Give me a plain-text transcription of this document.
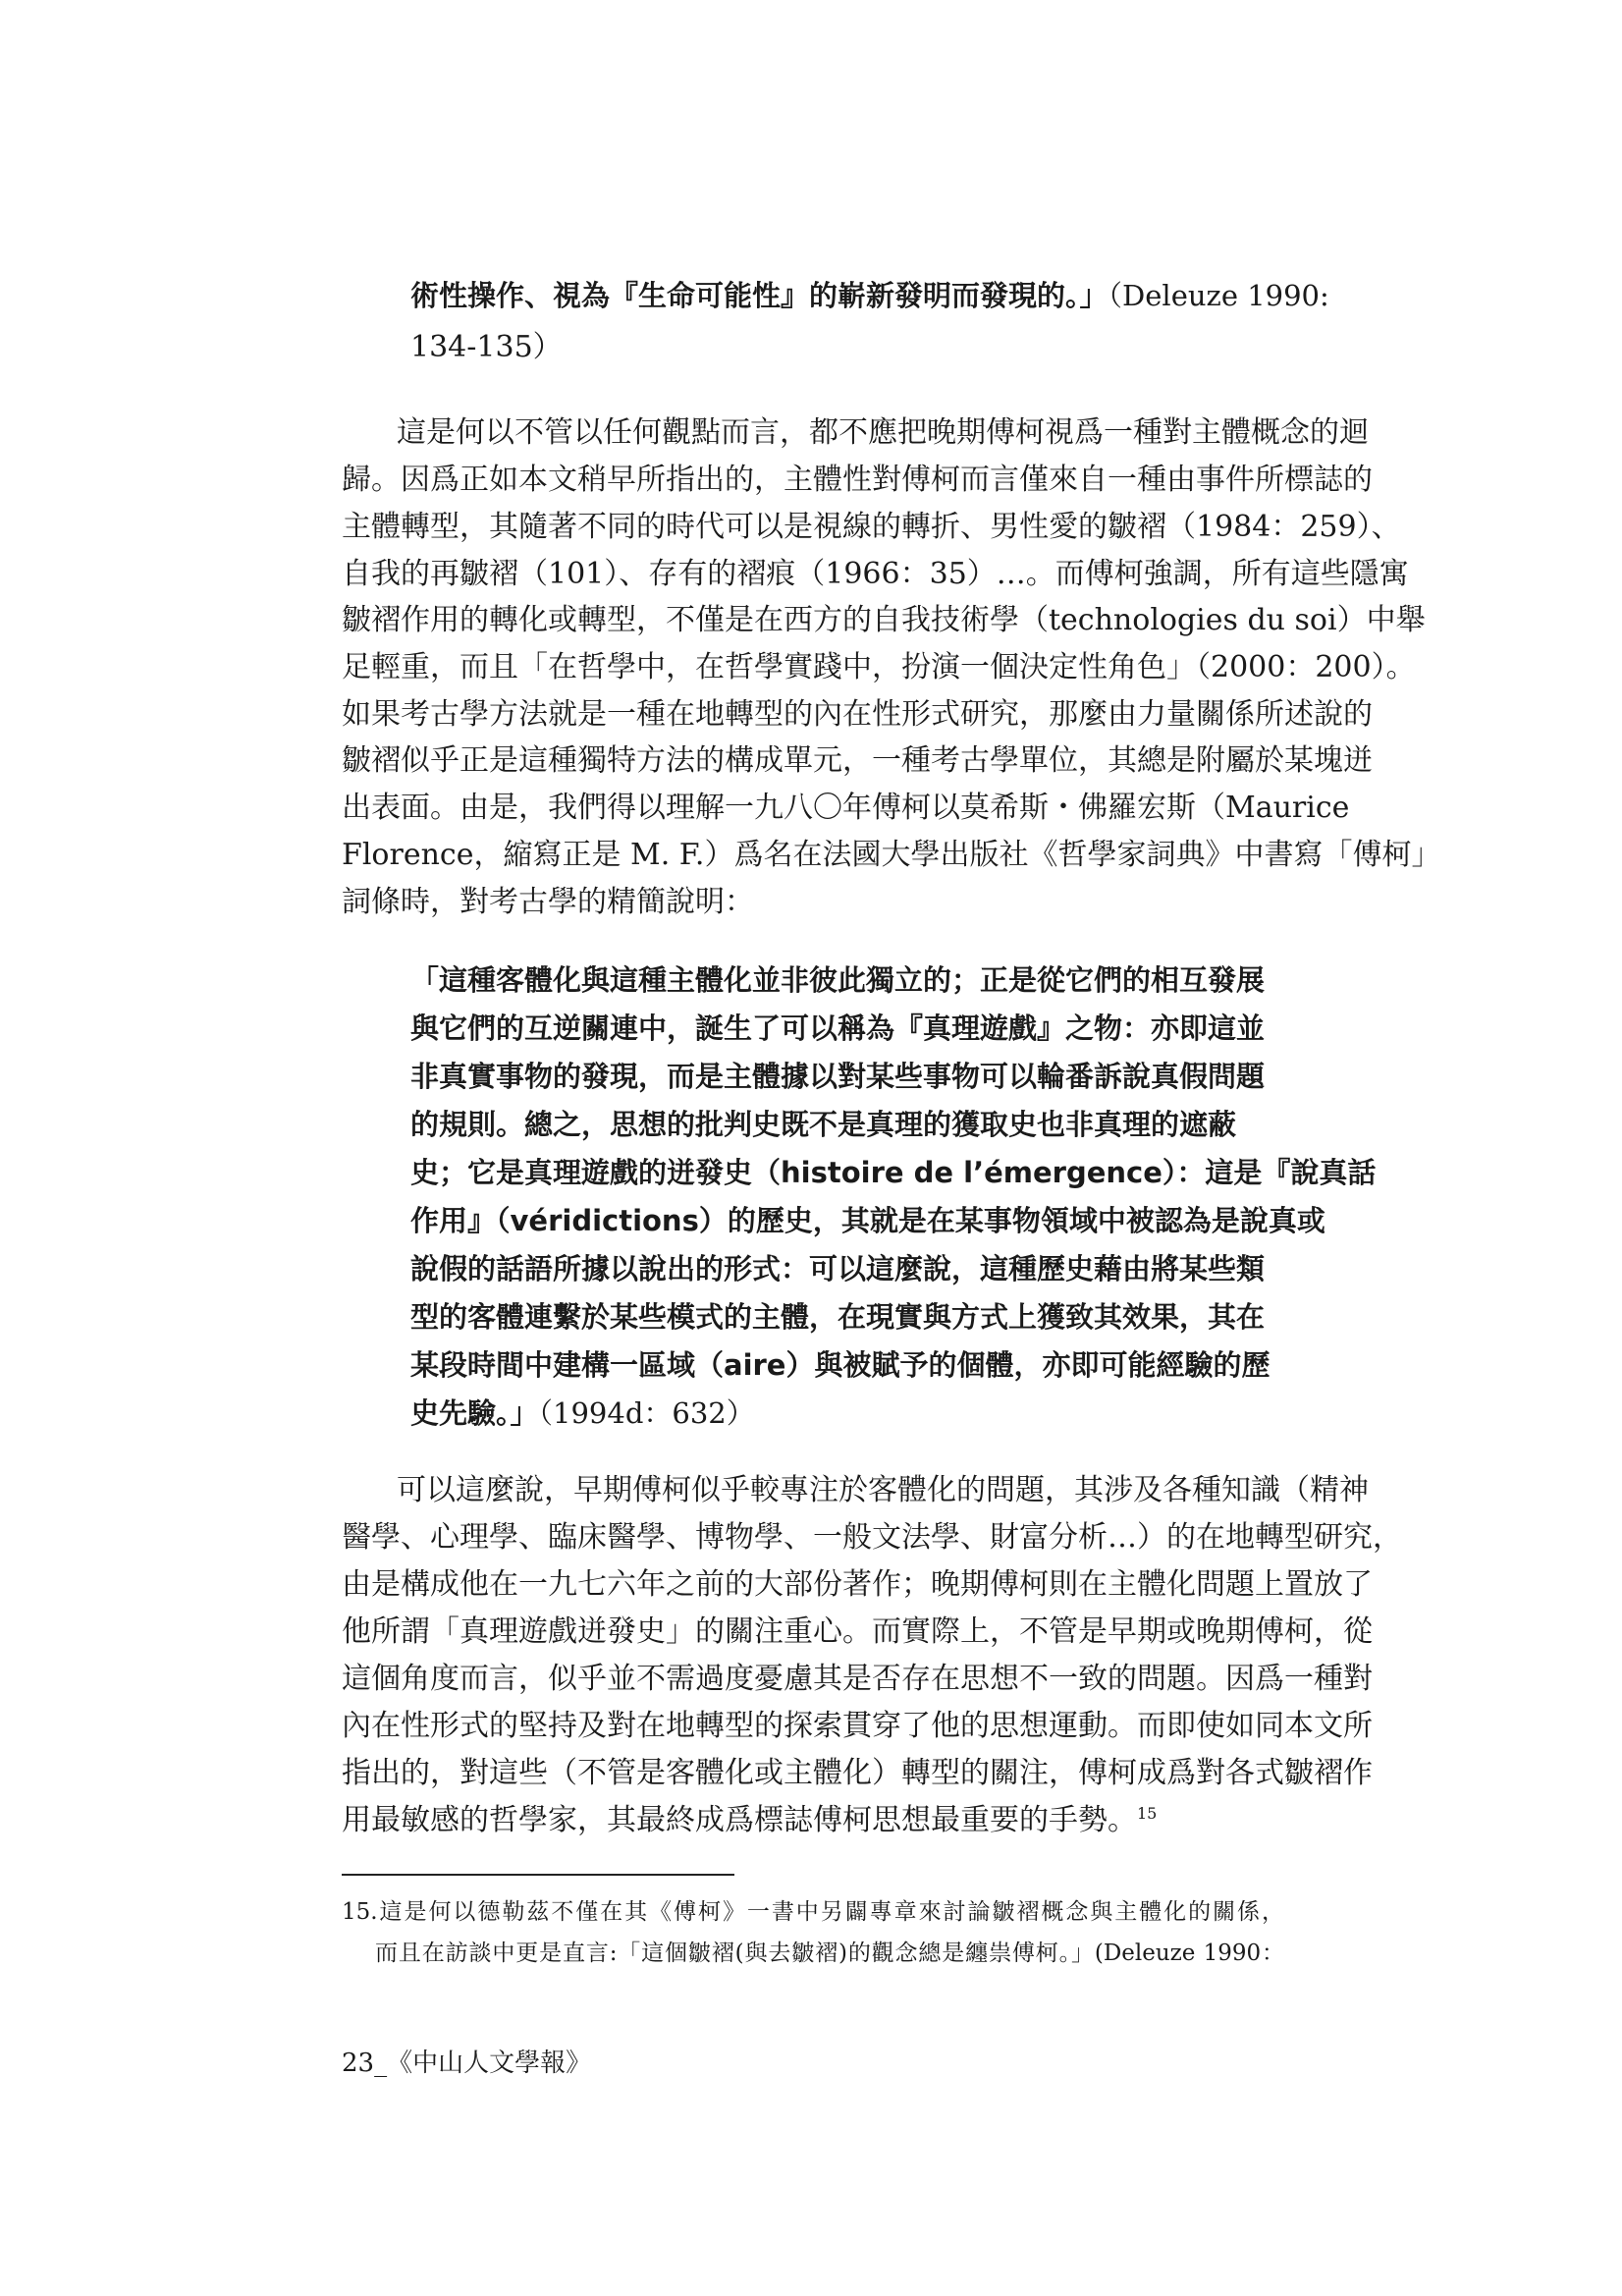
術性操作、視為『生命可能性』的嶄新發明而發現的。」（Deleuze 1990:

134-135）

這是何以不管以任何觀點而言，都不應把晚期傅柯視爲一種對主體概念的迴

歸。因爲正如本文稍早所指出的，主體性對傅柯而言僅來自一種由事件所標誌的

主體轉型，其隨著不同的時代可以是視線的轉折、男性愛的皺褶（1984：259）、

自我的再皺褶（101）、存有的褶痕（1966：35）…。而傅柯強調，所有這些隱寓

皺褶作用的轉化或轉型，不僅是在西方的自我技術學（technologies du soi）中舉

足輕重，而且「在哲學中，在哲學實踐中，扮演一個決定性角色」（2000：200）。

如果考古學方法就是一種在地轉型的內在性形式研究，那麼由力量關係所述說的

皺褶似乎正是這種獨特方法的構成單元，一種考古學單位，其總是附屬於某塊迸

出表面。由是，我們得以理解一九八〇年傅柯以莫希斯・佛羅宏斯（Maurice

Florence，縮寫正是 M. F.）爲名在法國大學出版社《哲學家詞典》中書寫「傅柯」

詞條時，對考古學的精簡說明：

「這種客體化與這種主體化並非彼此獨立的；正是從它們的相互發展

與它們的互逆關連中，誕生了可以稱為『真理遊戲』之物：亦即這並

非真實事物的發現，而是主體據以對某些事物可以輪番訴說真假問題

的規則。總之，思想的批判史既不是真理的獲取史也非真理的遮蔽

史；它是真理遊戲的迸發史（histoire de l’émergence）：這是『說真話

作用』（véridictions）的歷史，其就是在某事物領域中被認為是說真或

說假的話語所據以說出的形式：可以這麼說，這種歷史藉由將某些類

型的客體連繫於某些模式的主體，在現實與方式上獲致其效果，其在

某段時間中建構一區域（aire）與被賦予的個體，亦即可能經驗的歷

史先驗。」（1994d：632）

可以這麼說，早期傅柯似乎較專注於客體化的問題，其涉及各種知識（精神

醫學、心理學、臨床醫學、博物學、一般文法學、財富分析…）的在地轉型研究，

由是構成他在一九七六年之前的大部份著作；晚期傅柯則在主體化問題上置放了

他所謂「真理遊戲迸發史」的關注重心。而實際上，不管是早期或晚期傅柯，從

這個角度而言，似乎並不需過度憂慮其是否存在思想不一致的問題。因爲一種對

內在性形式的堅持及對在地轉型的探索貫穿了他的思想運動。而即使如同本文所

指出的，對這些（不管是客體化或主體化）轉型的關注，傅柯成爲對各式皺褶作

用最敏感的哲學家，其最終成爲標誌傅柯思想最重要的手勢。$^{15}$

15.這是何以德勒茲不僅在其《傅柯》一書中另闢專章來討論皺褶概念與主體化的關係，

而且在訪談中更是直言:「這個皺褶(與去皺褶)的觀念總是纏祟傅柯。」(Deleuze 1990：

23_《中山人文學報》
